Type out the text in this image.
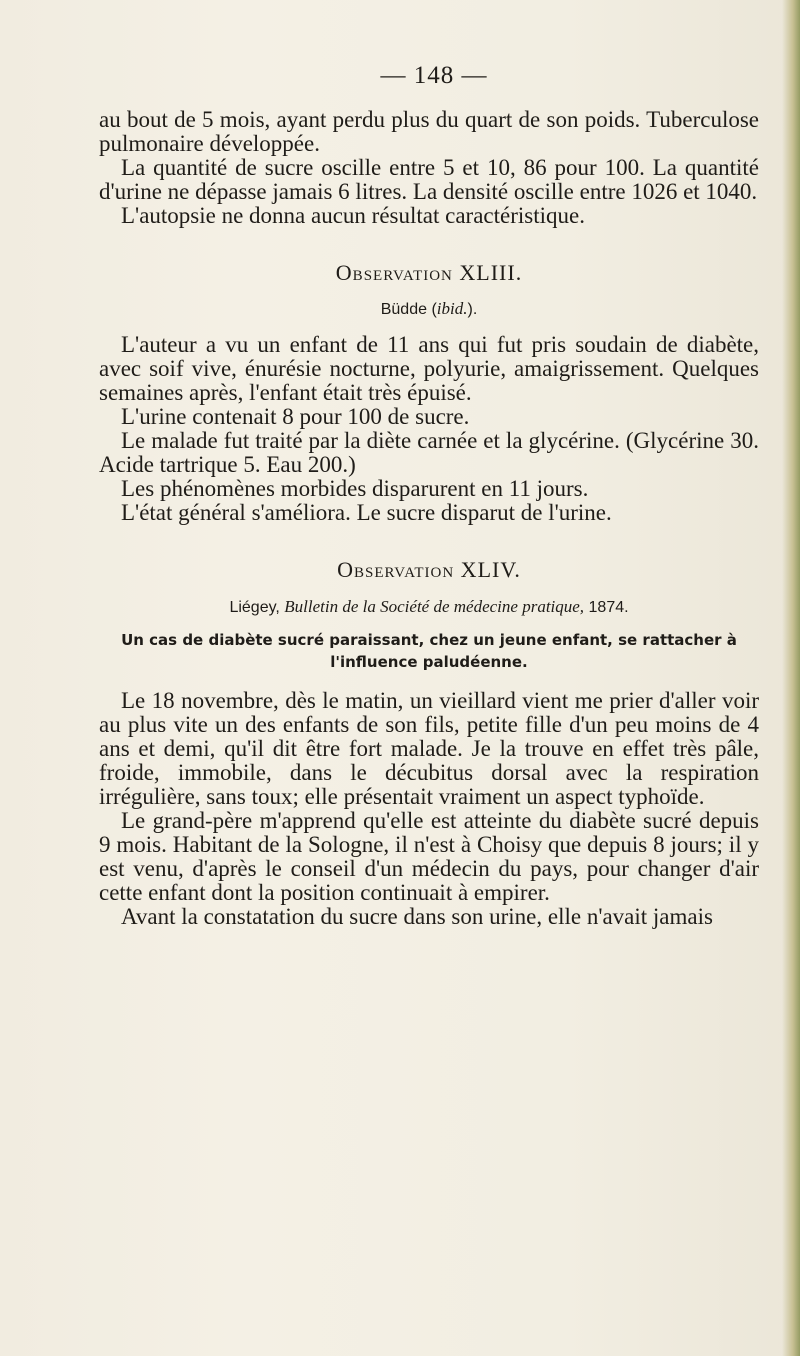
— 148 —

au bout de 5 mois, ayant perdu plus du quart de son poids. Tuberculose pulmonaire développée.

La quantité de sucre oscille entre 5 et 10, 86 pour 100. La quantité d'urine ne dépasse jamais 6 litres. La densité oscille entre 1026 et 1040.

L'autopsie ne donna aucun résultat caractéristique.

Observation XLIII.
Büdde (ibid.).

L'auteur a vu un enfant de 11 ans qui fut pris soudain de diabète, avec soif vive, énurésie nocturne, polyurie, amaigrissement. Quelques semaines après, l'enfant était très épuisé.

L'urine contenait 8 pour 100 de sucre.

Le malade fut traité par la diète carnée et la glycérine. (Glycérine 30. Acide tartrique 5. Eau 200.)

Les phénomènes morbides disparurent en 11 jours.

L'état général s'améliora. Le sucre disparut de l'urine.

Observation XLIV.
Liégey, Bulletin de la Société de médecine pratique, 1874.
Un cas de diabète sucré paraissant, chez un jeune enfant, se rattacher à l'influence paludéenne.

Le 18 novembre, dès le matin, un vieillard vient me prier d'aller voir au plus vite un des enfants de son fils, petite fille d'un peu moins de 4 ans et demi, qu'il dit être fort malade. Je la trouve en effet très pâle, froide, immobile, dans le décubitus dorsal avec la respiration irrégulière, sans toux; elle présentait vraiment un aspect typhoïde.

Le grand-père m'apprend qu'elle est atteinte du diabète sucré depuis 9 mois. Habitant de la Sologne, il n'est à Choisy que depuis 8 jours; il y est venu, d'après le conseil d'un médecin du pays, pour changer d'air cette enfant dont la position continuait à empirer.

Avant la constatation du sucre dans son urine, elle n'avait jamais
